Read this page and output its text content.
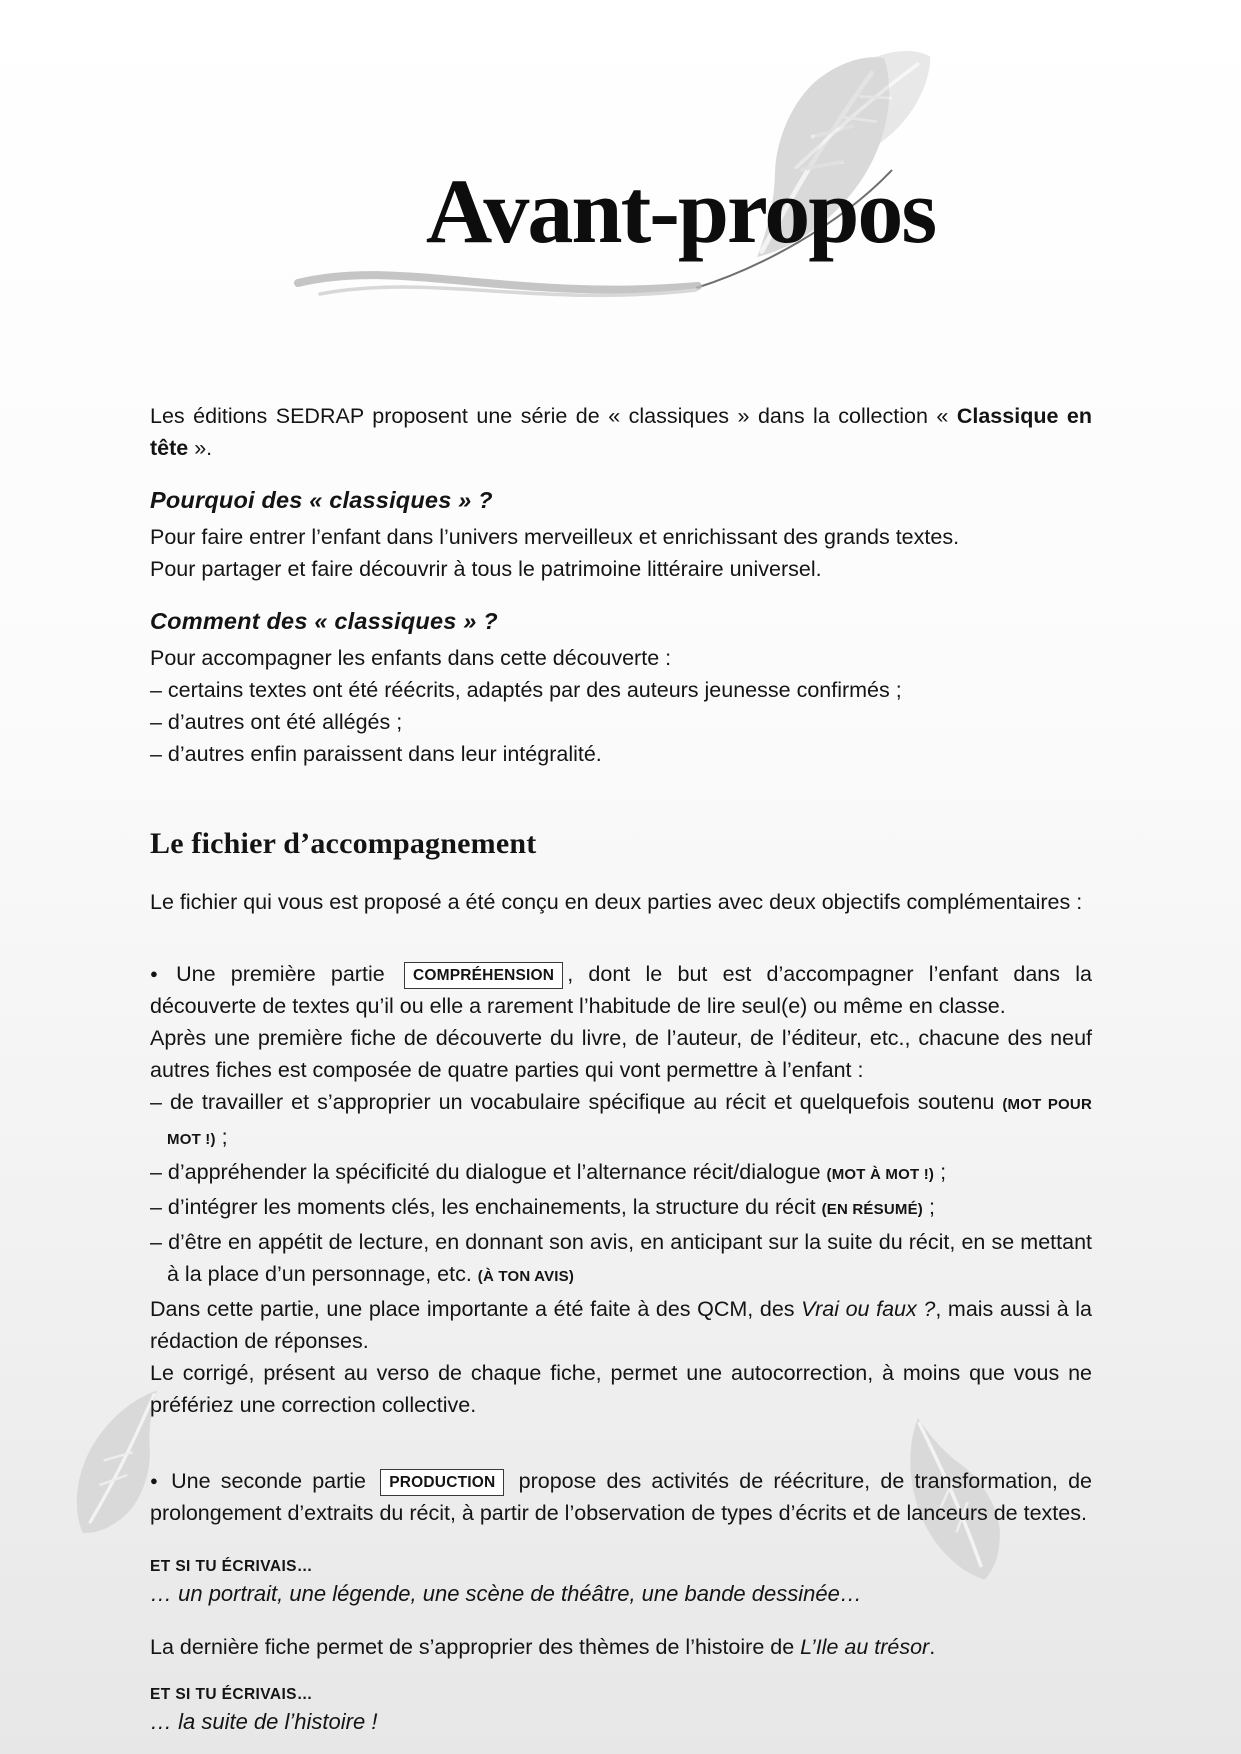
Avant-propos

Les éditions SEDRAP proposent une série de « classiques » dans la collection « Classique en tête ».

Pourquoi des « classiques » ?

Pour faire entrer l’enfant dans l’univers merveilleux et enrichissant des grands textes.

Pour partager et faire découvrir à tous le patrimoine littéraire universel.

Comment des « classiques » ?

Pour accompagner les enfants dans cette découverte :

– certains textes ont été réécrits, adaptés par des auteurs jeunesse confirmés ;

– d’autres ont été allégés ;

– d’autres enfin paraissent dans leur intégralité.

Le fichier d’accompagnement

Le fichier qui vous est proposé a été conçu en deux parties avec deux objectifs complémentaires :

● Une première partie COMPRÉHENSION , dont le but est d’accompagner l’enfant dans la découverte de textes qu’il ou elle a rarement l’habitude de lire seul(e) ou même en classe.

Après une première fiche de découverte du livre, de l’auteur, de l’éditeur, etc., chacune des neuf autres fiches est composée de quatre parties qui vont permettre à l’enfant :

– de travailler et s’approprier un vocabulaire spécifique au récit et quelquefois soutenu (MOT POUR MOT !) ;

– d’appréhender la spécificité du dialogue et l’alternance récit/dialogue (MOT À MOT !) ;

– d’intégrer les moments clés, les enchainements, la structure du récit (EN RÉSUMÉ) ;

– d’être en appétit de lecture, en donnant son avis, en anticipant sur la suite du récit, en se mettant à la place d’un personnage, etc. (À TON AVIS)

Dans cette partie, une place importante a été faite à des QCM, des Vrai ou faux ?, mais aussi à la rédaction de réponses.

Le corrigé, présent au verso de chaque fiche, permet une autocorrection, à moins que vous ne préfériez une correction collective.

● Une seconde partie PRODUCTION propose des activités de réécriture, de transformation, de prolongement d’extraits du récit, à partir de l’observation de types d’écrits et de lanceurs de textes.

ET SI TU ÉCRIVAIS…

… un portrait, une légende, une scène de théâtre, une bande dessinée…

La dernière fiche permet de s’approprier des thèmes de l’histoire de L’Ile au trésor.

ET SI TU ÉCRIVAIS…

… la suite de l’histoire !
